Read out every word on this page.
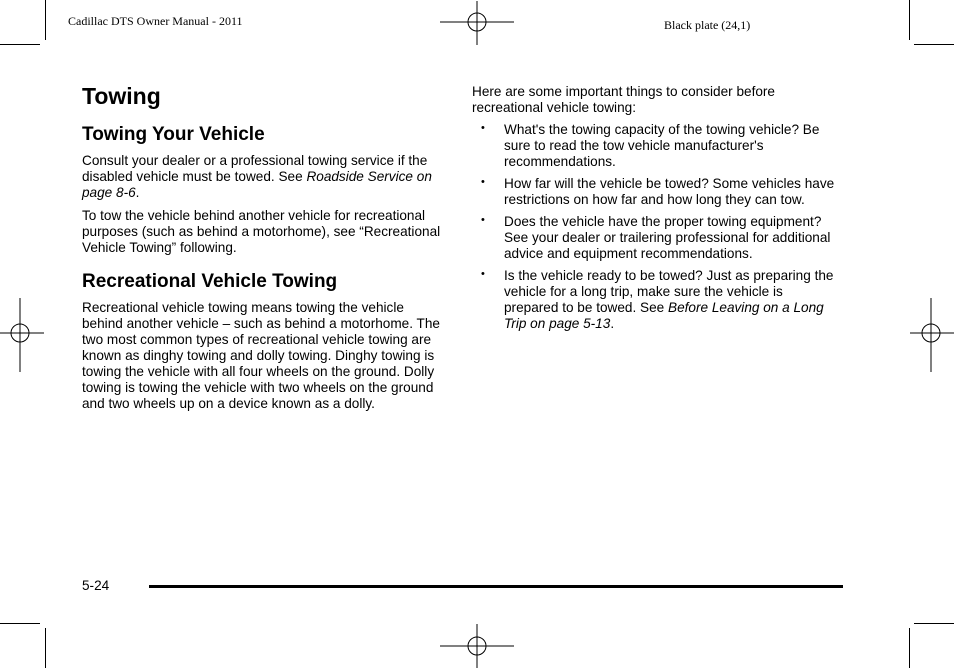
Cadillac DTS Owner Manual - 2011	Black plate (24,1)
Towing
Towing Your Vehicle

Consult your dealer or a professional towing service if the disabled vehicle must be towed. See Roadside Service on page 8-6.

To tow the vehicle behind another vehicle for recreational purposes (such as behind a motorhome), see “Recreational Vehicle Towing” following.

Recreational Vehicle Towing

Recreational vehicle towing means towing the vehicle behind another vehicle – such as behind a motorhome. The two most common types of recreational vehicle towing are known as dinghy towing and dolly towing. Dinghy towing is towing the vehicle with all four wheels on the ground. Dolly towing is towing the vehicle with two wheels on the ground and two wheels up on a device known as a dolly.

Here are some important things to consider before recreational vehicle towing:

• What's the towing capacity of the towing vehicle? Be sure to read the tow vehicle manufacturer's recommendations.
• How far will the vehicle be towed? Some vehicles have restrictions on how far and how long they can tow.
• Does the vehicle have the proper towing equipment? See your dealer or trailering professional for additional advice and equipment recommendations.
• Is the vehicle ready to be towed? Just as preparing the vehicle for a long trip, make sure the vehicle is prepared to be towed. See Before Leaving on a Long Trip on page 5-13.
5-24
